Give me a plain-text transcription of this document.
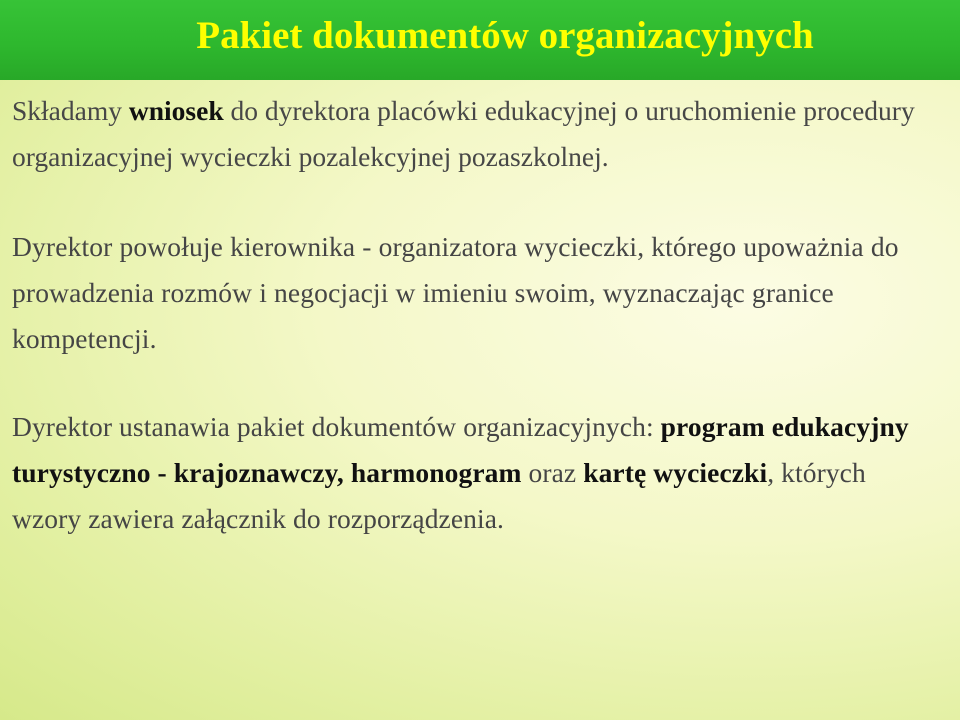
Pakiet dokumentów organizacyjnych

Składamy wniosek do dyrektora placówki edukacyjnej o uruchomienie procedury organizacyjnej wycieczki pozalekcyjnej pozaszkolnej.

Dyrektor powołuje kierownika - organizatora wycieczki, którego upoważnia do prowadzenia rozmów i negocjacji w imieniu swoim, wyznaczając granice kompetencji.

Dyrektor ustanawia pakiet dokumentów organizacyjnych: program edukacyjny turystyczno - krajoznawczy, harmonogram oraz kartę wycieczki, których wzory zawiera załącznik do rozporządzenia.
